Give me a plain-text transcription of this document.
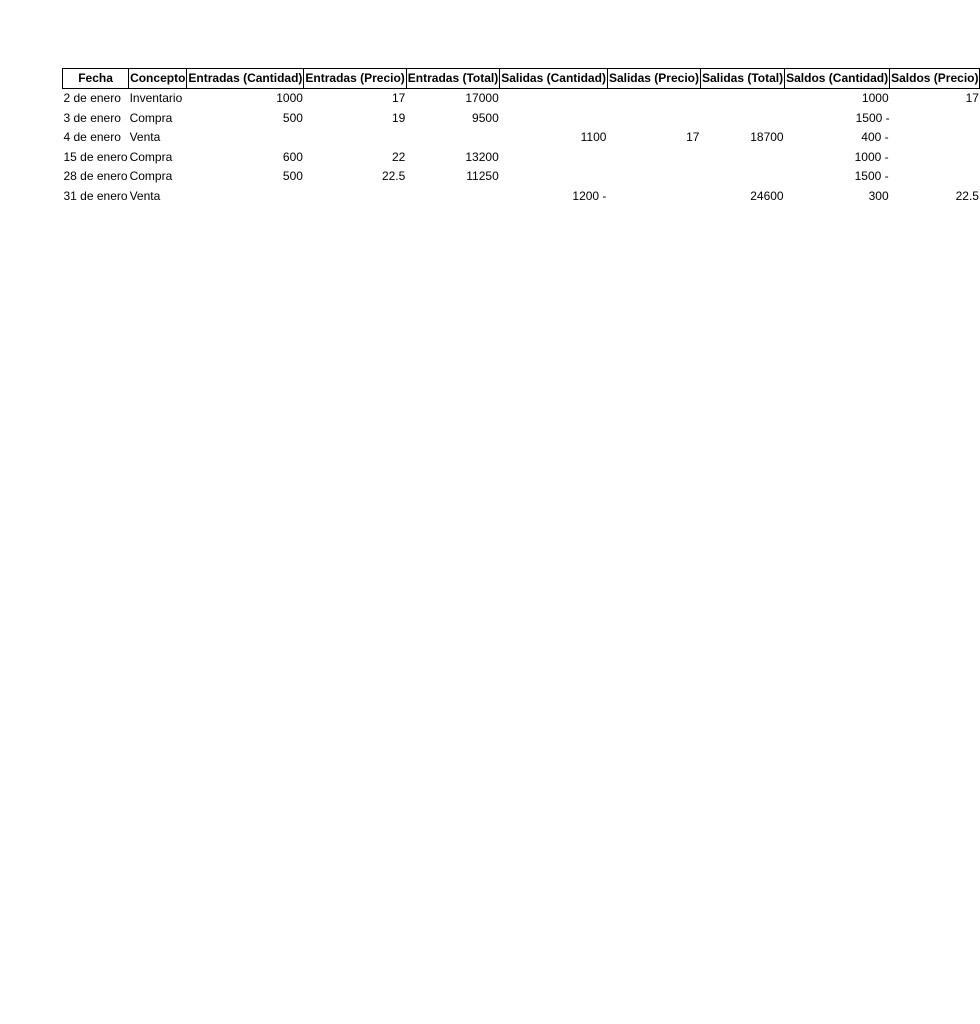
Fecha	Concepto	Entradas (Cantidad)	Entradas (Precio)	Entradas (Total)	Salidas (Cantidad)	Salidas (Precio)	Salidas (Total)	Saldos (Cantidad)	Saldos (Precio)
2 de enero	Inventario	1000	17	17000				1000	17
3 de enero	Compra	500	19	9500				1500 -	
4 de enero	Venta				1100	17	18700	400 -	
15 de enero	Compra	600	22	13200				1000 -	
28 de enero	Compra	500	22.5	11250				1500 -	
31 de enero	Venta				1200 -		24600	300	22.5
